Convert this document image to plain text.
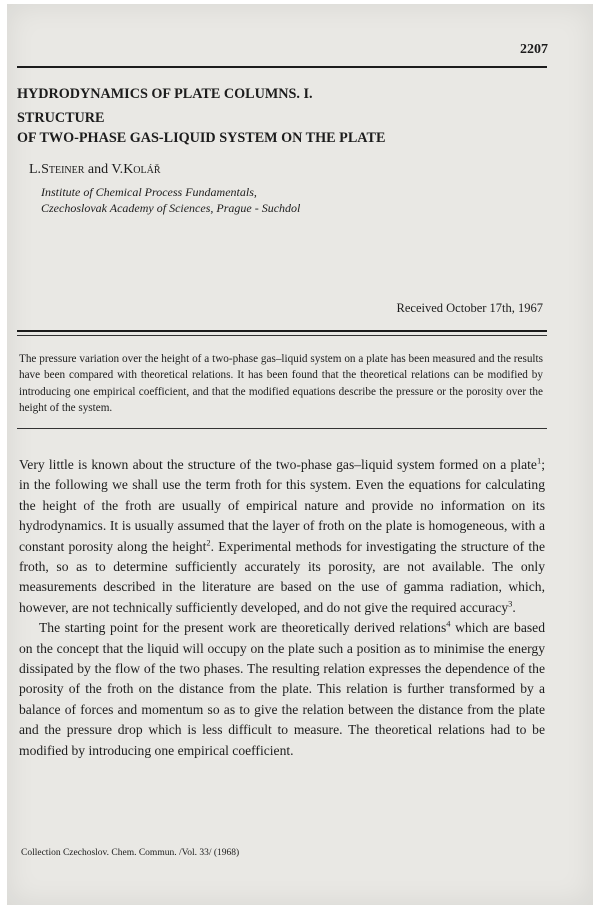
2207
HYDRODYNAMICS OF PLATE COLUMNS. I.
STRUCTURE
OF TWO-PHASE GAS-LIQUID SYSTEM ON THE PLATE
L.Steiner and V.Kolář
Institute of Chemical Process Fundamentals,
Czechoslovak Academy of Sciences, Prague - Suchdol
Received October 17th, 1967

The pressure variation over the height of a two-phase gas–liquid system on a plate has been measured and the results have been compared with theoretical relations. It has been found that the theoretical relations can be modified by introducing one empirical coefficient, and that the modified equations describe the pressure or the porosity over the height of the system.

Very little is known about the structure of the two-phase gas–liquid system formed on a plate$^1$; in the following we shall use the term froth for this system. Even the equations for calculating the height of the froth are usually of empirical nature and provide no information on its hydrodynamics. It is usually assumed that the layer of froth on the plate is homogeneous, with a constant porosity along the height$^2$. Experimental methods for investigating the structure of the froth, so as to determine sufficiently accurately its porosity, are not available. The only measurements described in the literature are based on the use of gamma radiation, which, however, are not technically sufficiently developed, and do not give the required accuracy$^3$.

The starting point for the present work are theoretically derived relations$^4$ which are based on the concept that the liquid will occupy on the plate such a position as to minimise the energy dissipated by the flow of the two phases. The resulting relation expresses the dependence of the porosity of the froth on the distance from the plate. This relation is further transformed by a balance of forces and momentum so as to give the relation between the distance from the plate and the pressure drop which is less difficult to measure. The theoretical relations had to be modified by introducing one empirical coefficient.

Collection Czechoslov. Chem. Commun. /Vol. 33/ (1968)
